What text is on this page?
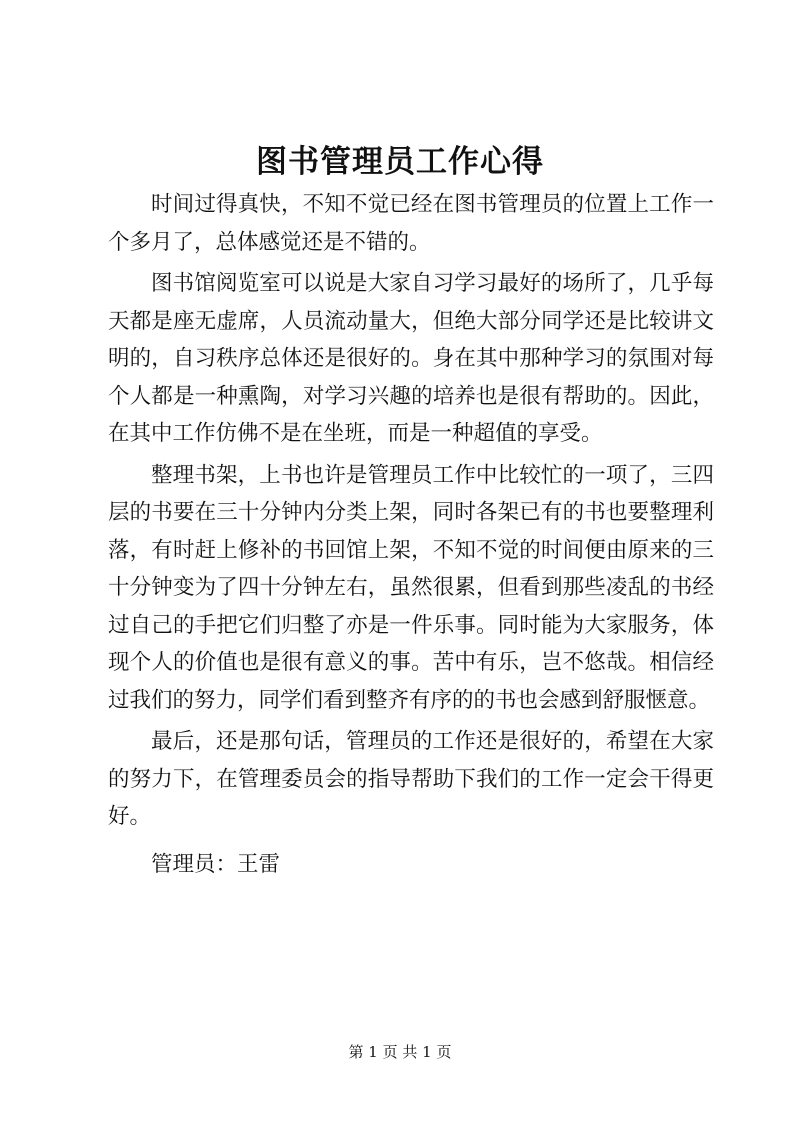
图书管理员工作心得

时间过得真快，不知不觉已经在图书管理员的位置上工作一个多月了，总体感觉还是不错的。

图书馆阅览室可以说是大家自习学习最好的场所了，几乎每天都是座无虚席，人员流动量大，但绝大部分同学还是比较讲文明的，自习秩序总体还是很好的。身在其中那种学习的氛围对每个人都是一种熏陶，对学习兴趣的培养也是很有帮助的。因此，在其中工作仿佛不是在坐班，而是一种超值的享受。

整理书架，上书也许是管理员工作中比较忙的一项了，三四层的书要在三十分钟内分类上架，同时各架已有的书也要整理利落，有时赶上修补的书回馆上架，不知不觉的时间便由原来的三十分钟变为了四十分钟左右，虽然很累，但看到那些凌乱的书经过自己的手把它们归整了亦是一件乐事。同时能为大家服务，体现个人的价值也是很有意义的事。苦中有乐，岂不悠哉。相信经过我们的努力，同学们看到整齐有序的的书也会感到舒服惬意。

最后，还是那句话，管理员的工作还是很好的，希望在大家的努力下，在管理委员会的指导帮助下我们的工作一定会干得更好。

管理员：王雷

第 1 页 共 1 页
